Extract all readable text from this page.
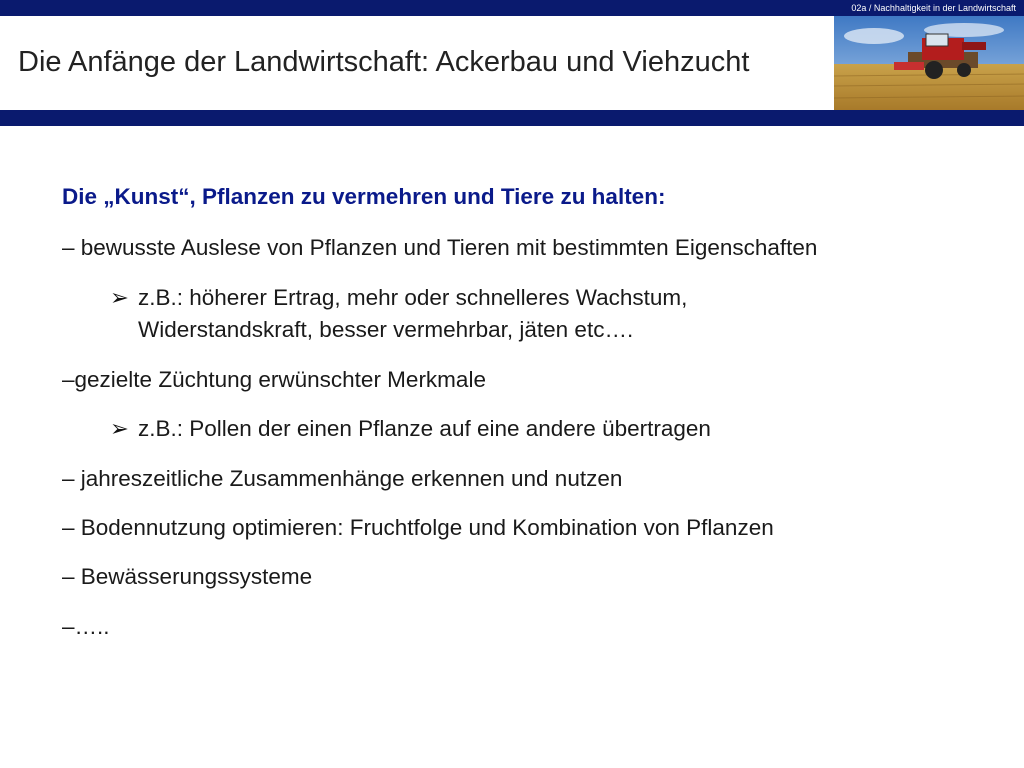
02a / Nachhaltigkeit in der Landwirtschaft
Die Anfänge der Landwirtschaft: Ackerbau und Viehzucht
Die „Kunst“, Pflanzen zu vermehren und Tiere zu halten:
– bewusste Auslese von Pflanzen und Tieren mit bestimmten Eigenschaften
➢ z.B.: höherer Ertrag, mehr oder schnelleres Wachstum,
Widerstandskraft, besser vermehrbar, jäten etc….
–gezielte Züchtung erwünschter Merkmale
➢ z.B.: Pollen der einen Pflanze auf eine andere übertragen
– jahreszeitliche Zusammenhänge erkennen und nutzen
– Bodennutzung optimieren: Fruchtfolge und Kombination von Pflanzen
– Bewässerungssysteme
–…..
